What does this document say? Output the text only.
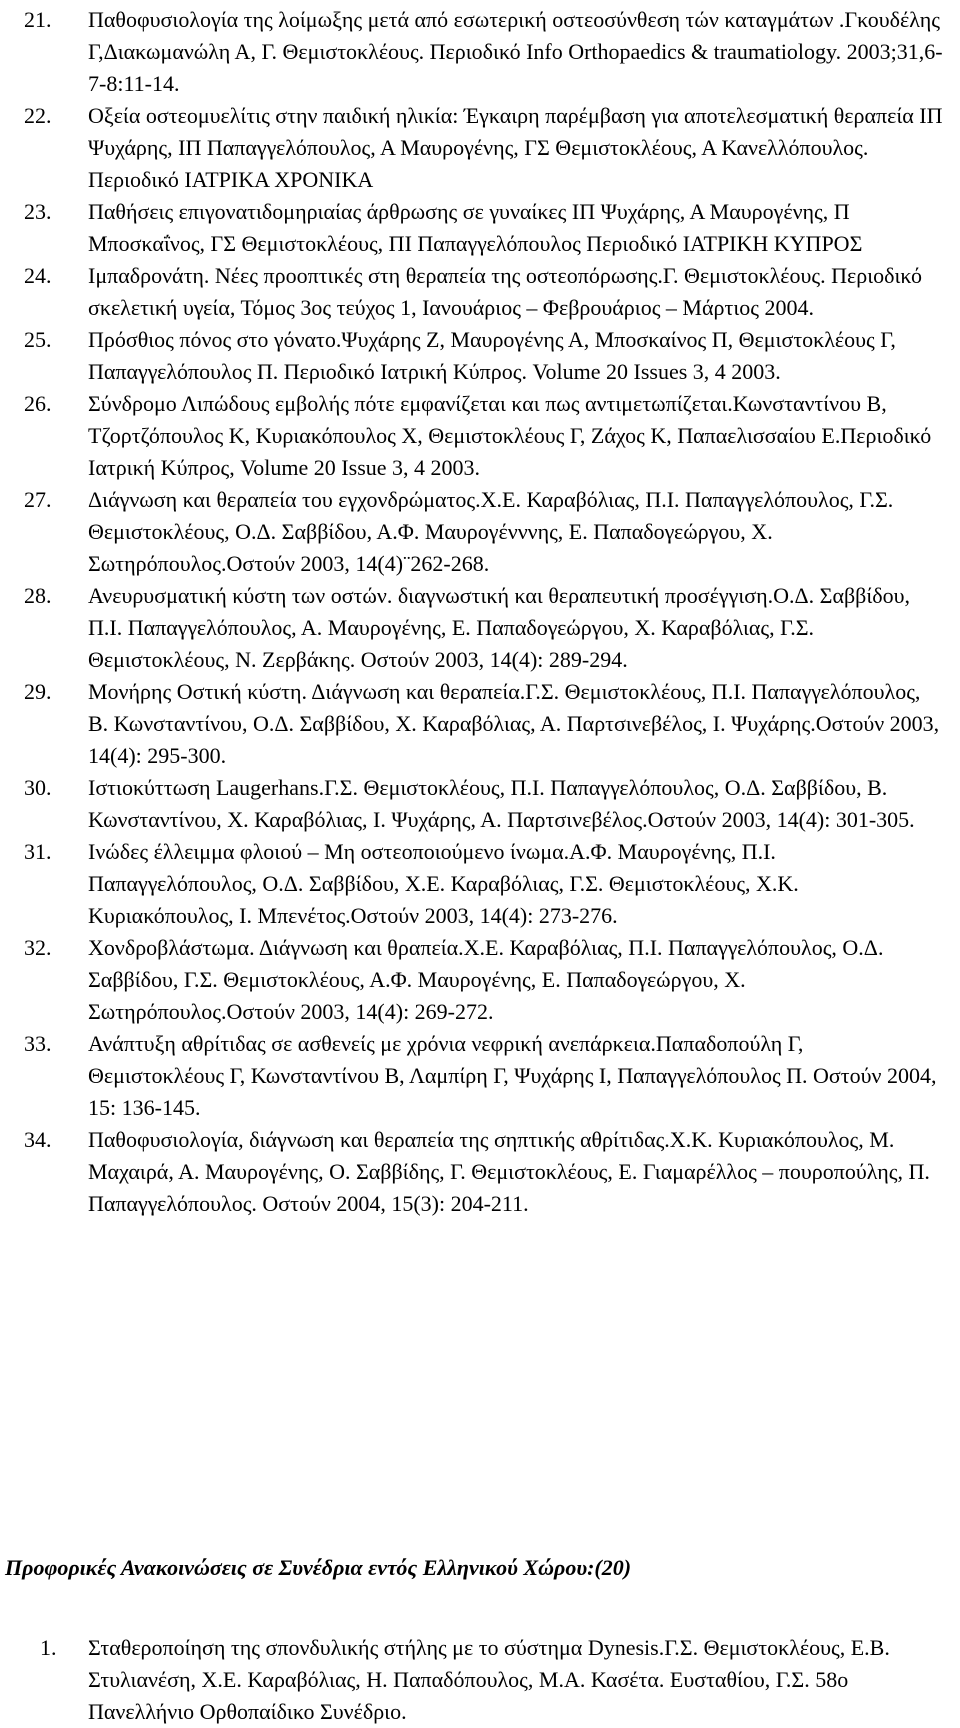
21. Παθοφυσιολογία της λοίμωξης μετά από εσωτερική οστεοσύνθεση τών καταγμάτων .Γκουδέλης Γ,Διακωμανώλη Α, Γ. Θεμιστοκλέους. Περιοδικό Info Orthopaedics & traumatiology. 2003;31,6-7-8:11-14.
22. Οξεία οστεομυελίτις στην παιδική ηλικία: Έγκαιρη παρέμβαση για αποτελεσματική θεραπεία ΙΠ Ψυχάρης, ΙΠ Παπαγγελόπουλος, Α Μαυρογένης, ΓΣ Θεμιστοκλέους, Α Κανελλόπουλος. Περιοδικό ΙΑΤΡΙΚΑ ΧΡΟΝΙΚΑ
23. Παθήσεις επιγονατιδομηριαίας άρθρωσης σε γυναίκες ΙΠ Ψυχάρης, Α Μαυρογένης, Π Μποσκαΐνος, ΓΣ Θεμιστοκλέους, ΠΙ Παπαγγελόπουλος Περιοδικό ΙΑΤΡΙΚΗ ΚΥΠΡΟΣ
24. Ιμπαδρονάτη. Νέες προοπτικές στη θεραπεία της οστεοπόρωσης.Γ. Θεμιστοκλέους. Περιοδικό σκελετική υγεία, Τόμος 3ος τεύχος 1, Ιανουάριος – Φεβρουάριος – Μάρτιος 2004.
25. Πρόσθιος πόνος στο γόνατο.Ψυχάρης Ζ, Μαυρογένης Α, Μποσκαίνος Π, Θεμιστοκλέους Γ, Παπαγγελόπουλος Π. Περιοδικό Ιατρική Κύπρος. Volume 20 Issues 3, 4 2003.
26. Σύνδρομο Λιπώδους εμβολής πότε εμφανίζεται και πως αντιμετωπίζεται.Κωνσταντίνου Β, Τζορτζόπουλος Κ, Κυριακόπουλος Χ, Θεμιστοκλέους Γ, Ζάχος Κ, Παπαελισσαίου Ε.Περιοδικό Ιατρική Κύπρος, Volume 20 Issue 3, 4 2003.
27. Διάγνωση και θεραπεία του εγχονδρώματος.Χ.Ε. Καραβόλιας, Π.Ι. Παπαγγελόπουλος, Γ.Σ. Θεμιστοκλέους, Ο.Δ. Σαββίδου, Α.Φ. Μαυρογένννης, Ε. Παπαδογεώργου, Χ. Σωτηρόπουλος.Οστούν 2003, 14(4)¨262-268.
28. Ανευρυσματική κύστη των οστών. διαγνωστική και θεραπευτική προσέγγιση.Ο.Δ. Σαββίδου, Π.Ι. Παπαγγελόπουλος, Α. Μαυρογένης, Ε. Παπαδογεώργου, Χ. Καραβόλιας, Γ.Σ. Θεμιστοκλέους, Ν. Ζερβάκης. Οστούν 2003, 14(4): 289-294.
29. Μονήρης Οστική κύστη. Διάγνωση και θεραπεία.Γ.Σ. Θεμιστοκλέους, Π.Ι. Παπαγγελόπουλος, Β. Κωνσταντίνου, Ο.Δ. Σαββίδου, Χ. Καραβόλιας, Α. Παρτσινεβέλος, Ι. Ψυχάρης.Οστούν 2003, 14(4): 295-300.
30. Ιστιοκύττωση Laugerhans.Γ.Σ. Θεμιστοκλέους, Π.Ι. Παπαγγελόπουλος, Ο.Δ. Σαββίδου, Β. Κωνσταντίνου, Χ. Καραβόλιας, Ι. Ψυχάρης, Α. Παρτσινεβέλος.Οστούν 2003, 14(4): 301-305.
31. Ινώδες έλλειμμα φλοιού – Μη οστεοποιούμενο ίνωμα.Α.Φ. Μαυρογένης, Π.Ι. Παπαγγελόπουλος, Ο.Δ. Σαββίδου, Χ.Ε. Καραβόλιας, Γ.Σ. Θεμιστοκλέους, Χ.Κ. Κυριακόπουλος, Ι. Μπενέτος.Οστούν 2003, 14(4): 273-276.
32. Χονδροβλάστωμα. Διάγνωση και θραπεία.Χ.Ε. Καραβόλιας, Π.Ι. Παπαγγελόπουλος, Ο.Δ. Σαββίδου, Γ.Σ. Θεμιστοκλέους, Α.Φ. Μαυρογένης, Ε. Παπαδογεώργου, Χ. Σωτηρόπουλος.Οστούν 2003, 14(4): 269-272.
33. Ανάπτυξη αθρίτιδας σε ασθενείς με χρόνια νεφρική ανεπάρκεια.Παπαδοπούλη Γ, Θεμιστοκλέους Γ, Κωνσταντίνου Β, Λαμπίρη Γ, Ψυχάρης Ι, Παπαγγελόπουλος Π. Οστούν 2004, 15: 136-145.
34. Παθοφυσιολογία, διάγνωση και θεραπεία της σηπτικής αθρίτιδας.Χ.Κ. Κυριακόπουλος, Μ. Μαχαιρά, Α. Μαυρογένης, Ο. Σαββίδης, Γ. Θεμιστοκλέους, Ε. Γιαμαρέλλος – πουροπούλης, Π. Παπαγγελόπουλος. Οστούν 2004, 15(3): 204-211.
Προφορικές Ανακοινώσεις σε Συνέδρια εντός Ελληνικού Χώρου:(20)
1. Σταθεροποίηση της σπονδυλικής στήλης με το σύστημα Dynesis.Γ.Σ. Θεμιστοκλέους, Ε.Β. Στυλιανέση, Χ.Ε. Καραβόλιας, Η. Παπαδόπουλος, Μ.Α. Κασέτα. Ευσταθίου, Γ.Σ. 58ο Πανελλήνιο Ορθοπαίδικο Συνέδριο.
